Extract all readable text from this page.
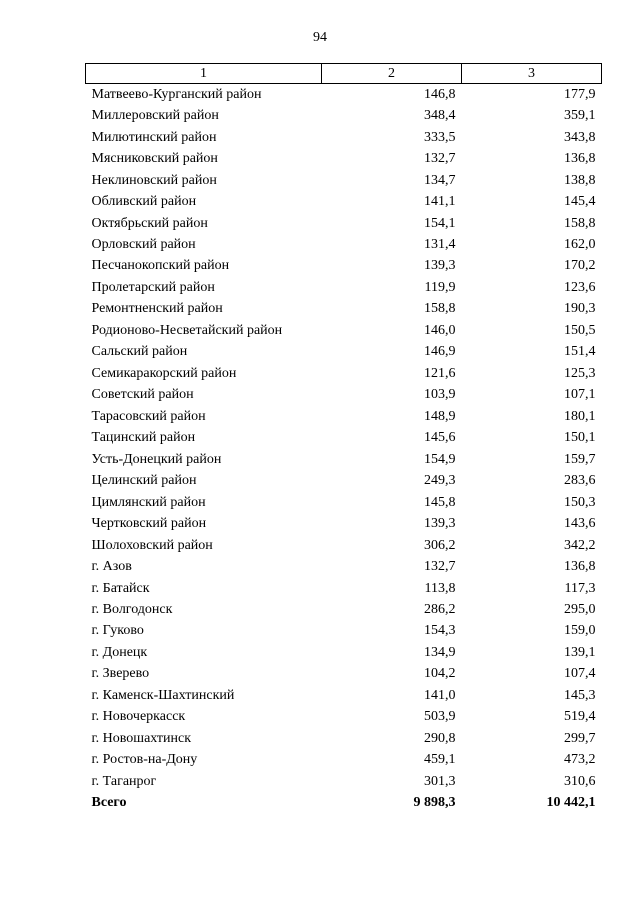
94
1	2	3
Матвеево-Курганский район	146,8	177,9
Миллеровский район	348,4	359,1
Милютинский район	333,5	343,8
Мясниковский район	132,7	136,8
Неклиновский район	134,7	138,8
Обливский район	141,1	145,4
Октябрьский район	154,1	158,8
Орловский район	131,4	162,0
Песчанокопский район	139,3	170,2
Пролетарский район	119,9	123,6
Ремонтненский район	158,8	190,3
Родионово-Несветайский район	146,0	150,5
Сальский район	146,9	151,4
Семикаракорский район	121,6	125,3
Советский район	103,9	107,1
Тарасовский район	148,9	180,1
Тацинский район	145,6	150,1
Усть-Донецкий район	154,9	159,7
Целинский район	249,3	283,6
Цимлянский район	145,8	150,3
Чертковский район	139,3	143,6
Шолоховский район	306,2	342,2
г. Азов	132,7	136,8
г. Батайск	113,8	117,3
г. Волгодонск	286,2	295,0
г. Гуково	154,3	159,0
г. Донецк	134,9	139,1
г. Зверево	104,2	107,4
г. Каменск-Шахтинский	141,0	145,3
г. Новочеркасск	503,9	519,4
г. Новошахтинск	290,8	299,7
г. Ростов-на-Дону	459,1	473,2
г. Таганрог	301,3	310,6
Всего	9 898,3	10 442,1
